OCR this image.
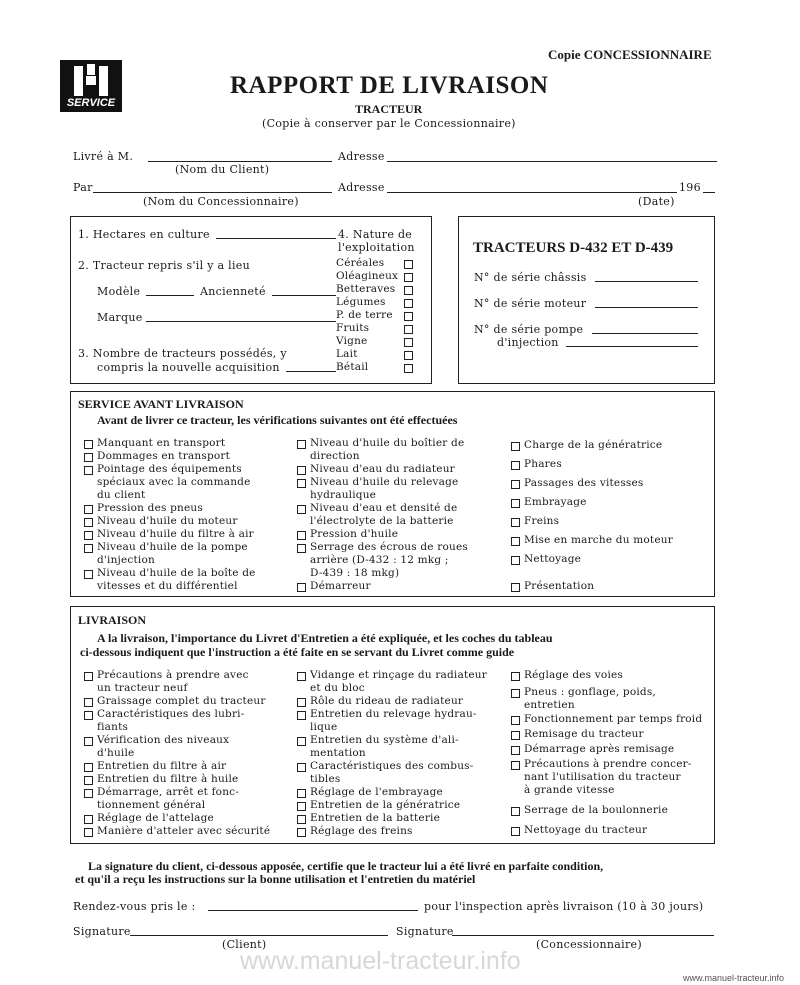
Copie CONCESSIONNAIRE
SERVICE
RAPPORT DE LIVRAISON
TRACTEUR
(Copie à conserver par le Concessionnaire)
Livré à M.	Adresse
(Nom du Client)
Par	Adresse	196
(Nom du Concessionnaire)	(Date)
1. Hectares en culture
2. Tracteur repris s'il y a lieu
Modèle	Ancienneté
Marque
3. Nombre de tracteurs possédés, y
compris la nouvelle acquisition
4. Nature de
l'exploitation
Céréales
Oléagineux
Betteraves
Légumes
P. de terre
Fruits
Vigne
Lait
Bétail
TRACTEURS D-432 ET D-439
N° de série châssis
N° de série moteur
N° de série pompe
d'injection
SERVICE AVANT LIVRAISON
Avant de livrer ce tracteur, les vérifications suivantes ont été effectuées
Manquant en transport
Dommages en transport
Pointage des équipements
spéciaux avec la commande
du client
Pression des pneus
Niveau d'huile du moteur
Niveau d'huile du filtre à air
Niveau d'huile de la pompe
d'injection
Niveau d'huile de la boîte de
vitesses et du différentiel
Niveau d'huile du boîtier de
direction
Niveau d'eau du radiateur
Niveau d'huile du relevage
hydraulique
Niveau d'eau et densité de
l'électrolyte de la batterie
Pression d'huile
Serrage des écrous de roues
arrière (D-432 : 12 mkg ;
D-439 : 18 mkg)
Démarreur
Charge de la génératrice
Phares
Passages des vitesses
Embrayage
Freins
Mise en marche du moteur
Nettoyage
Présentation
LIVRAISON
A la livraison, l'importance du Livret d'Entretien a été expliquée, et les coches du tableau
ci-dessous indiquent que l'instruction a été faite en se servant du Livret comme guide
Précautions à prendre avec
un tracteur neuf
Graissage complet du tracteur
Caractéristiques des lubri-
fiants
Vérification des niveaux
d'huile
Entretien du filtre à air
Entretien du filtre à huile
Démarrage, arrêt et fonc-
tionnement général
Réglage de l'attelage
Manière d'atteler avec sécurité
Vidange et rinçage du radiateur
et du bloc
Rôle du rideau de radiateur
Entretien du relevage hydrau-
lique
Entretien du système d'ali-
mentation
Caractéristiques des combus-
tibles
Réglage de l'embrayage
Entretien de la génératrice
Entretien de la batterie
Réglage des freins
Réglage des voies
Pneus : gonflage, poids,
entretien
Fonctionnement par temps froid
Remisage du tracteur
Démarrage après remisage
Précautions à prendre concer-
nant l'utilisation du tracteur
à grande vitesse
Serrage de la boulonnerie
Nettoyage du tracteur
La signature du client, ci-dessous apposée, certifie que le tracteur lui a été livré en parfaite condition,
et qu'il a reçu les instructions sur la bonne utilisation et l'entretien du matériel
Rendez-vous pris le :	pour l'inspection après livraison (10 à 30 jours)
Signature	Signature
(Client)	(Concessionnaire)
www.manuel-tracteur.info
www.manuel-tracteur.info
